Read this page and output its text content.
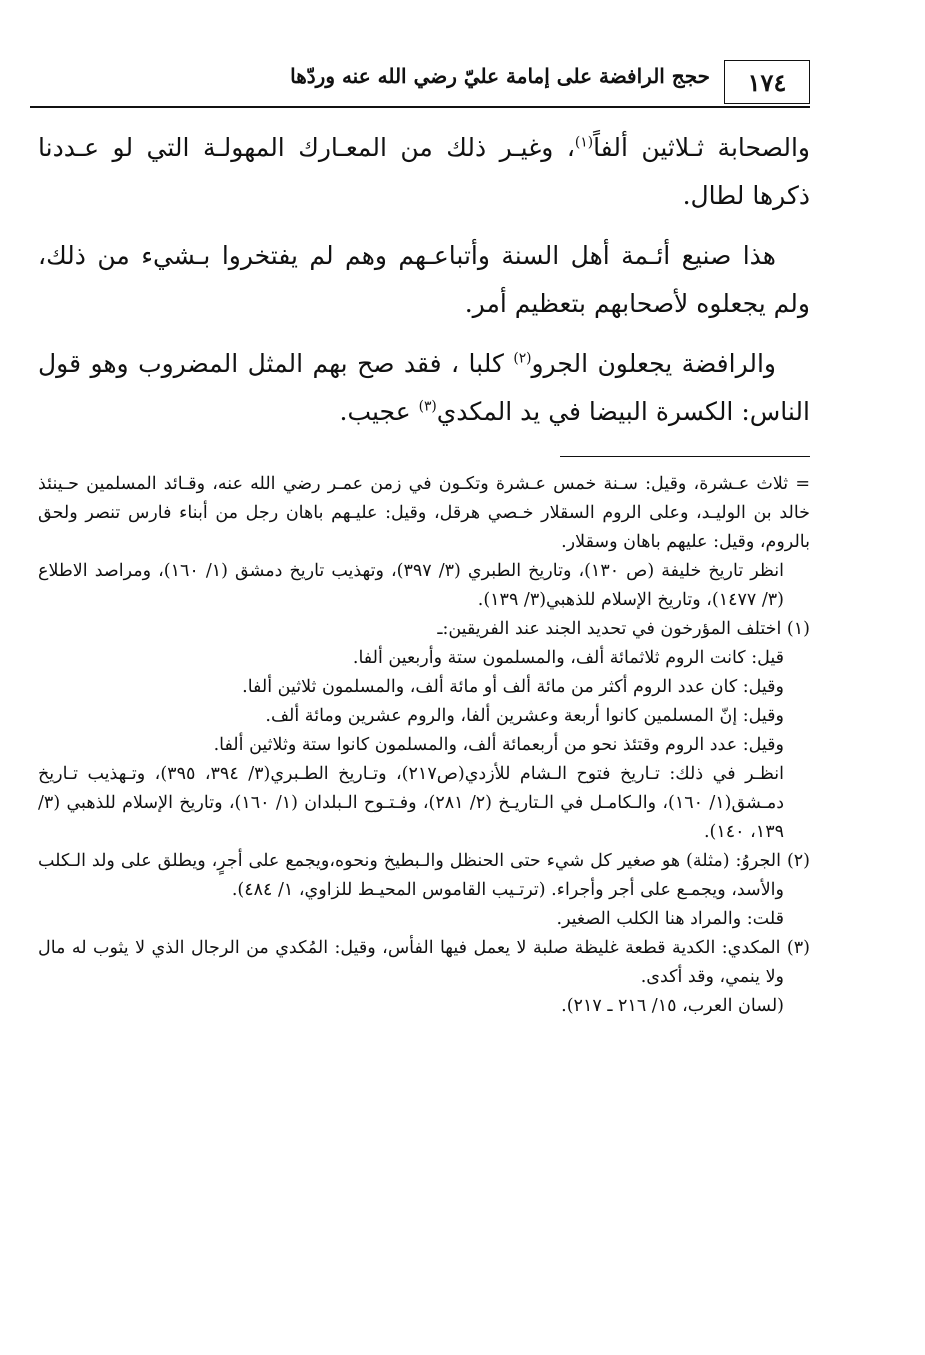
١٧٤
حجج الرافضة على إمامة عليّ رضي الله عنه وردّها

والصحابة ثـلاثين ألفاً$^{(١)}$، وغيـر ذلك من المعـارك المهولـة التي لو عـددنا ذكرها لطال.

هذا صنيع أئـمة أهل السنة وأتباعـهم وهم لم يفتخروا بـشيء من ذلك، ولم يجعلوه لأصحابهم بتعظيم أمر.

والرافضة يجعلون الجرو$^{(٢)}$ كلبا ، فقد صح بهم المثل المضروب وهو قول الناس: الكسرة البيضا في يد المكدي$^{(٣)}$ عجيب.

= ثلاث عـشرة، وقيل: سـنة خمس عـشرة وتكـون في زمن عمـر رضي الله عنه، وقـائد المسلمين حـينئذ خالد بن الوليـد، وعلى الروم السقلار خـصي هرقل، وقيل: عليـهم باهان رجل من أبناء فارس تنصر ولحق بالروم، وقيل: عليهم باهان وسقلار.

انظر تاريخ خليفة (ص ١٣٠)، وتاريخ الطبري (٣/ ٣٩٧)، وتهذيب تاريخ دمشق (١/ ١٦٠)، ومراصد الاطلاع (٣/ ١٤٧٧)، وتاريخ الإسلام للذهبي(٣/ ١٣٩).

(١) اختلف المؤرخون في تحديد الجند عند الفريقين:ـ

قيل: كانت الروم ثلاثمائة ألف، والمسلمون ستة وأربعين ألفا.

وقيل: كان عدد الروم أكثر من مائة ألف أو مائة ألف، والمسلمون ثلاثين ألفا.

وقيل: إنّ المسلمين كانوا أربعة وعشرين ألفا، والروم عشرين ومائة ألف.

وقيل: عدد الروم وقتئذ نحو من أربعمائة ألف، والمسلمون كانوا ستة وثلاثين ألفا.

انظـر في ذلك: تـاريخ فتوح الـشام للأزدي(ص٢١٧)، وتـاريخ الطـبري(٣/ ٣٩٤، ٣٩٥)، وتـهذيب تـاريخ دمـشق(١/ ١٦٠)، والـكامـل في الـتاريـخ (٢/ ٢٨١)، وفـتـوح الـبلدان (١/ ١٦٠)، وتاريخ الإسلام للذهبي (٣/ ١٣٩، ١٤٠).

(٢) الجروُ: (مثلة) هو صغير كل شيء حتى الحنظل والـبطيخ ونحوه،ويجمع على أجرٍ، ويطلق على ولد الـكلب والأسد، ويجمـع على أجر وأجراء. (ترتـيب القاموس المحيـط للزاوي، ١/ ٤٨٤).

قلت: والمراد هنا الكلب الصغير.

(٣) المكدي: الكدية قطعة غليظة صلبة لا يعمل فيها الفأس، وقيل: المُكدي من الرجال الذي لا يثوب له مال ولا ينمي، وقد أكدى.

(لسان العرب، ١٥/ ٢١٦ ـ ٢١٧).
